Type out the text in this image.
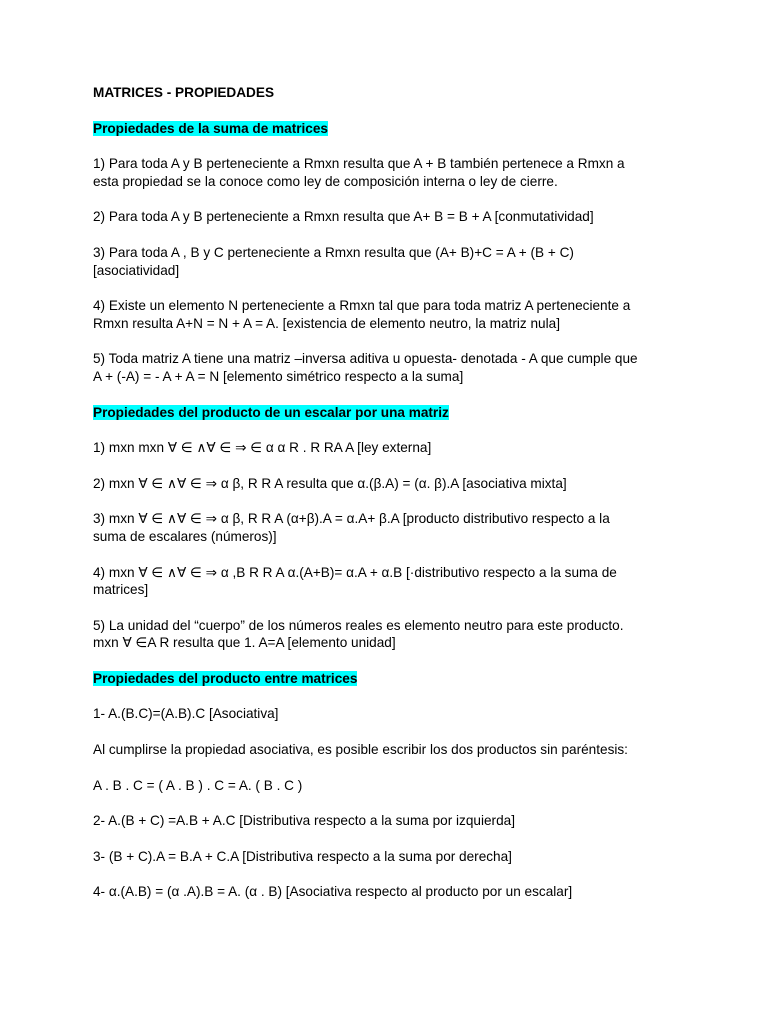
MATRICES - PROPIEDADES

Propiedades de la suma de matrices

1) Para toda A y B perteneciente a Rmxn resulta que A + B también pertenece a Rmxn a

esta propiedad se la conoce como ley de composición interna o ley de cierre.

2) Para toda A y B perteneciente a Rmxn resulta que A+ B = B + A [conmutatividad]

3) Para toda A , B y C perteneciente a Rmxn resulta que (A+ B)+C = A + (B + C)

[asociatividad]

4) Existe un elemento N perteneciente a Rmxn tal que para toda matriz A perteneciente a

Rmxn resulta A+N = N + A = A. [existencia de elemento neutro, la matriz nula]

5) Toda matriz A tiene una matriz –inversa aditiva u opuesta- denotada - A que cumple que

A + (-A) = - A + A = N [elemento simétrico respecto a la suma]

Propiedades del producto de un escalar por una matriz

1) mxn mxn ∀ ∈ ∧∀ ∈ ⇒ ∈ α α R . R RA A [ley externa]

2) mxn ∀ ∈ ∧∀ ∈ ⇒ α β, R R A resulta que α.(β.A) = (α. β).A [asociativa mixta]

3) mxn ∀ ∈ ∧∀ ∈ ⇒ α β, R R A (α+β).A = α.A+ β.A [producto distributivo respecto a la

suma de escalares (números)]

4) mxn ∀ ∈ ∧∀ ∈ ⇒ α ,B R R A α.(A+B)= α.A + α.B [·distributivo respecto a la suma de

matrices]

5) La unidad del “cuerpo” de los números reales es elemento neutro para este producto.

mxn ∀ ∈A R resulta que 1. A=A [elemento unidad]

Propiedades del producto entre matrices

1- A.(B.C)=(A.B).C [Asociativa]

Al cumplirse la propiedad asociativa, es posible escribir los dos productos sin paréntesis:

A . B . C = ( A . B ) . C = A. ( B . C )

2- A.(B + C) =A.B + A.C [Distributiva respecto a la suma por izquierda]

3- (B + C).A = B.A + C.A [Distributiva respecto a la suma por derecha]

4- α.(A.B) = (α .A).B = A. (α . B) [Asociativa respecto al producto por un escalar]
